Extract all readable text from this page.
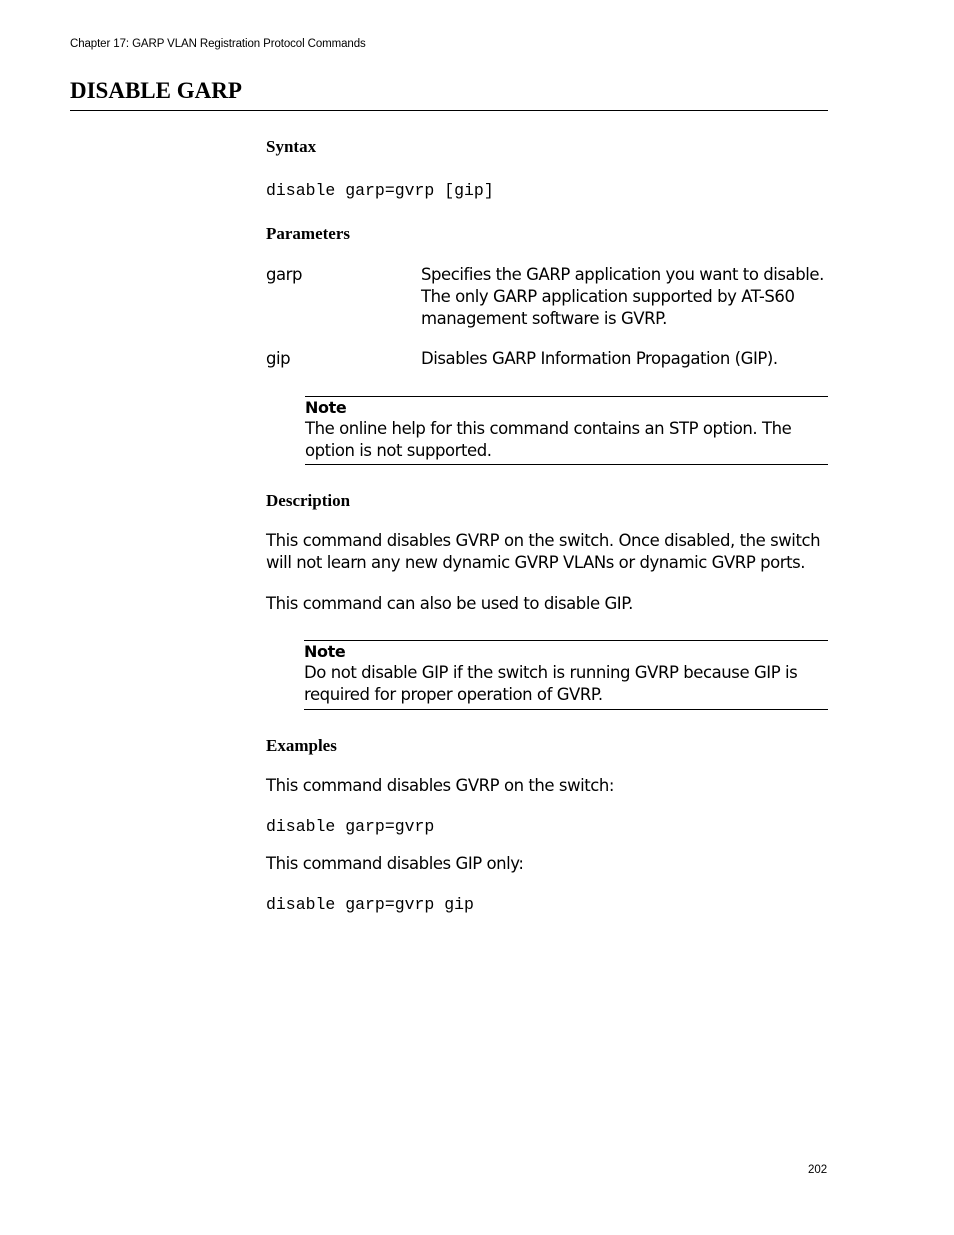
Chapter 17: GARP VLAN Registration Protocol Commands
DISABLE GARP
Syntax
disable garp=gvrp [gip]
Parameters
garp	Specifies the GARP application you want to disable.
The only GARP application supported by AT-S60
management software is GVRP.
gip	Disables GARP Information Propagation (GIP).
Note
The online help for this command contains an STP option. The
option is not supported.
Description
This command disables GVRP on the switch. Once disabled, the switch
will not learn any new dynamic GVRP VLANs or dynamic GVRP ports.
This command can also be used to disable GIP.
Note
Do not disable GIP if the switch is running GVRP because GIP is
required for proper operation of GVRP.
Examples
This command disables GVRP on the switch:
disable garp=gvrp
This command disables GIP only:
disable garp=gvrp gip
202
